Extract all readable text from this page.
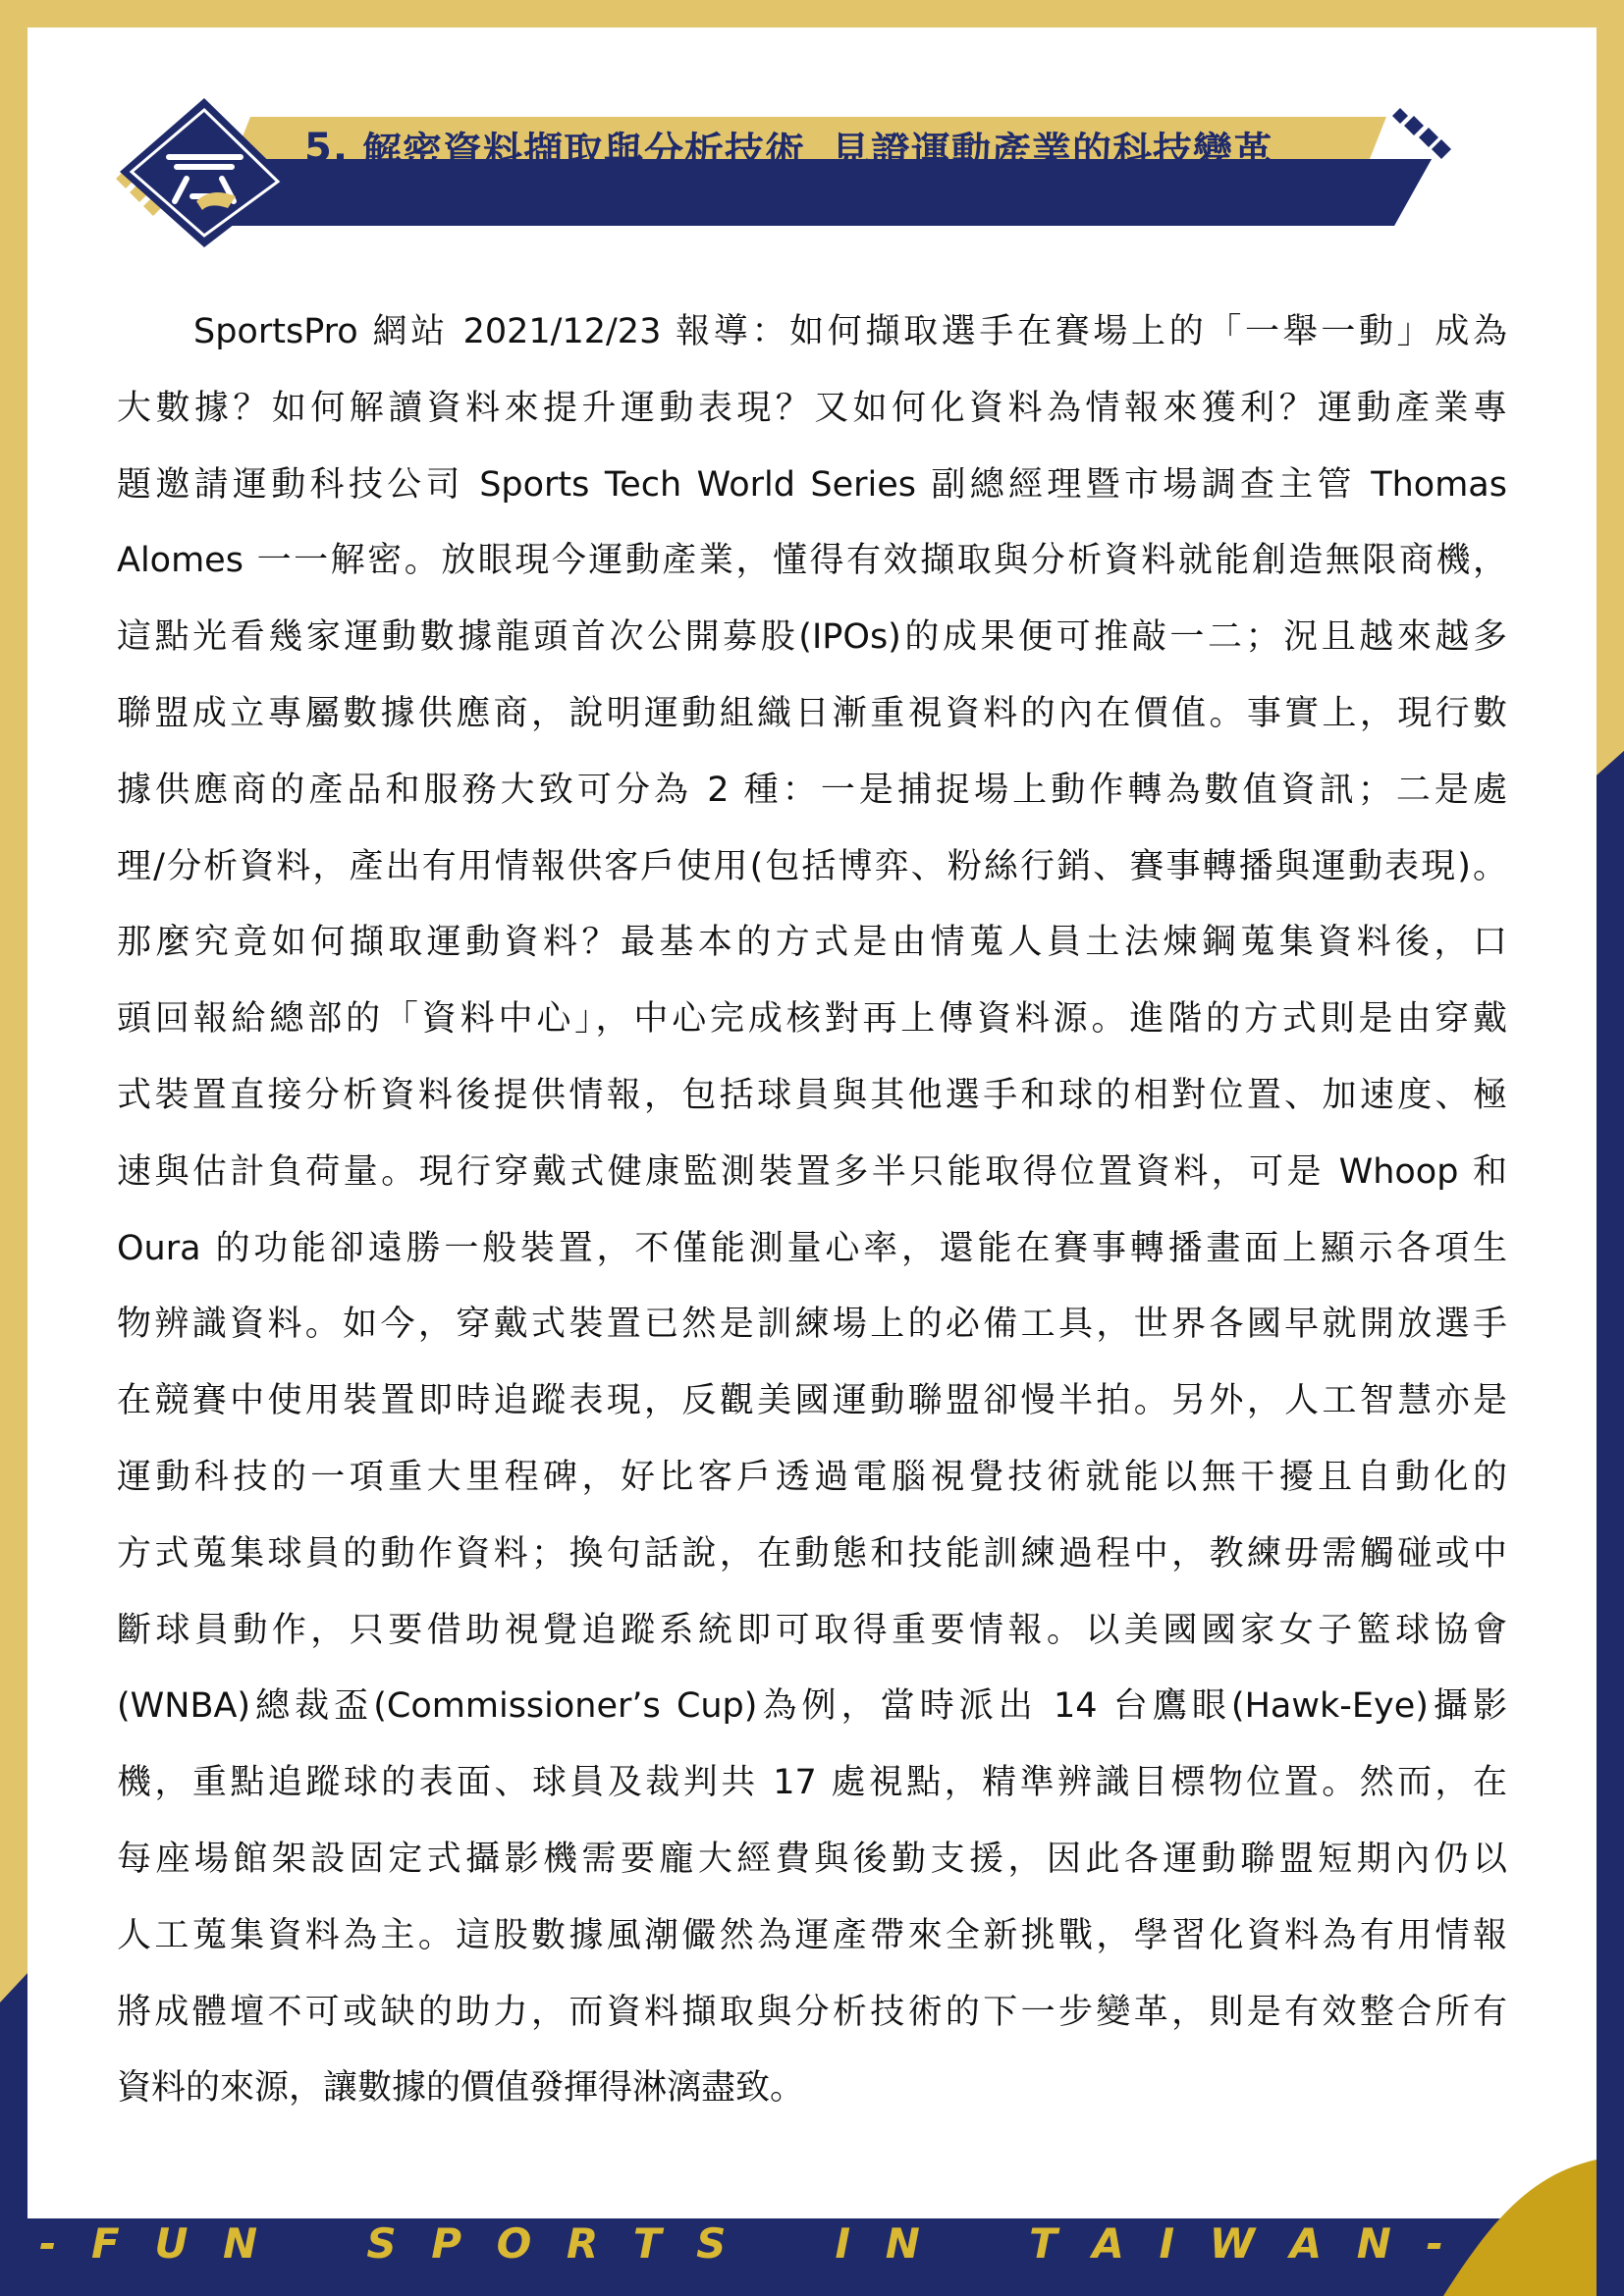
5. 解密資料擷取與分析技術 見證運動產業的科技變革
SportsPro 網站 2021/12/23 報導：如何擷取選手在賽場上的「一舉一動」成為
大數據？如何解讀資料來提升運動表現？又如何化資料為情報來獲利？運動產業專
題邀請運動科技公司 Sports Tech World Series 副總經理暨市場調查主管 Thomas
Alomes 一一解密。放眼現今運動產業，懂得有效擷取與分析資料就能創造無限商機，
這點光看幾家運動數據龍頭首次公開募股(IPOs)的成果便可推敲一二；況且越來越多
聯盟成立專屬數據供應商，說明運動組織日漸重視資料的內在價值。事實上，現行數
據供應商的產品和服務大致可分為 2 種：一是捕捉場上動作轉為數值資訊；二是處
理/分析資料，產出有用情報供客戶使用(包括博弈、粉絲行銷、賽事轉播與運動表現)。
那麼究竟如何擷取運動資料？最基本的方式是由情蒐人員土法煉鋼蒐集資料後，口
頭回報給總部的「資料中心」，中心完成核對再上傳資料源。進階的方式則是由穿戴
式裝置直接分析資料後提供情報，包括球員與其他選手和球的相對位置、加速度、極
速與估計負荷量。現行穿戴式健康監測裝置多半只能取得位置資料，可是 Whoop 和
Oura 的功能卻遠勝一般裝置，不僅能測量心率，還能在賽事轉播畫面上顯示各項生
物辨識資料。如今，穿戴式裝置已然是訓練場上的必備工具，世界各國早就開放選手
在競賽中使用裝置即時追蹤表現，反觀美國運動聯盟卻慢半拍。另外，人工智慧亦是
運動科技的一項重大里程碑，好比客戶透過電腦視覺技術就能以無干擾且自動化的
方式蒐集球員的動作資料；換句話說，在動態和技能訓練過程中，教練毋需觸碰或中
斷球員動作，只要借助視覺追蹤系統即可取得重要情報。以美國國家女子籃球協會
(WNBA)總裁盃(Commissioner’s Cup)為例，當時派出 14 台鷹眼(Hawk-Eye)攝影
機，重點追蹤球的表面、球員及裁判共 17 處視點，精準辨識目標物位置。然而，在
每座場館架設固定式攝影機需要龐大經費與後勤支援，因此各運動聯盟短期內仍以
人工蒐集資料為主。這股數據風潮儼然為運產帶來全新挑戰，學習化資料為有用情報
將成體壇不可或缺的助力，而資料擷取與分析技術的下一步變革，則是有效整合所有
資料的來源，讓數據的價值發揮得淋漓盡致。
- F U N	S P O R T S	I N	T A I W A N -
